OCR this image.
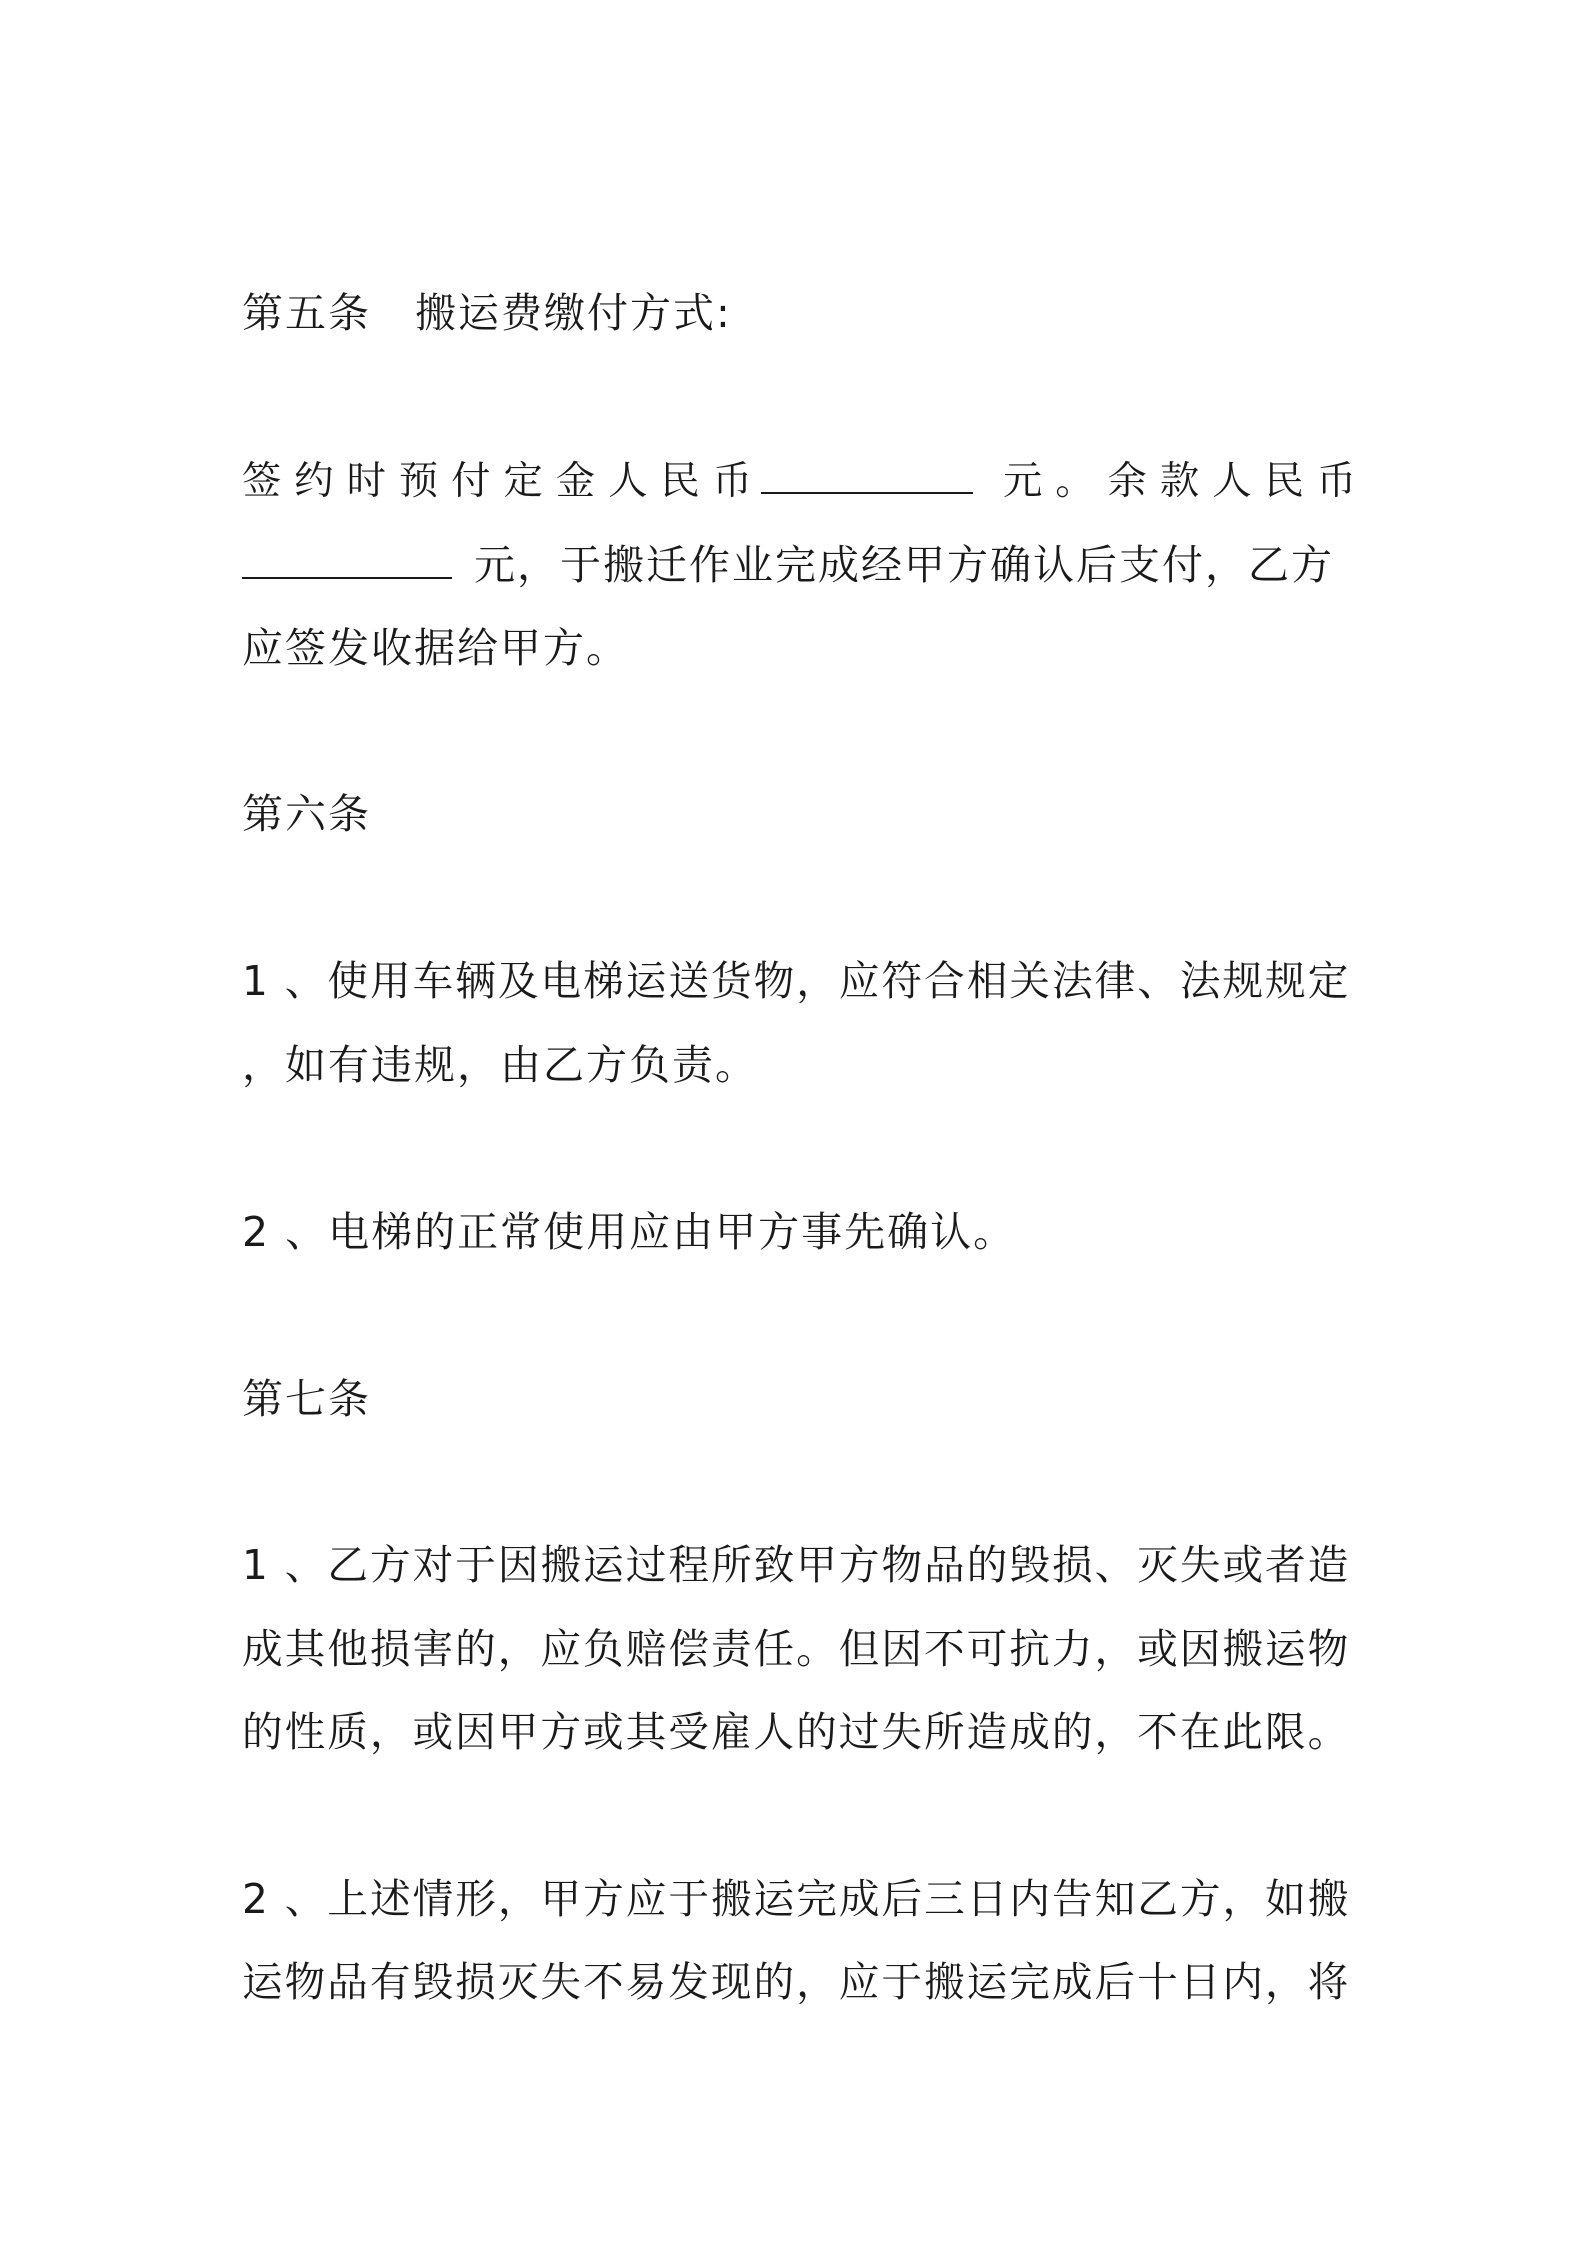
第五条 搬运费缴付方式:
签约时预付定金人民币	元。余款人民币
元，于搬迁作业完成经甲方确认后支付，乙方
应签发收据给甲方。
第六条
1 、使用车辆及电梯运送货物，应符合相关法律、法规规定
，如有违规，由乙方负责。
2 、电梯的正常使用应由甲方事先确认。
第七条
1 、乙方对于因搬运过程所致甲方物品的毁损、灭失或者造
成其他损害的，应负赔偿责任。但因不可抗力，或因搬运物
的性质，或因甲方或其受雇人的过失所造成的，不在此限。
2 、上述情形，甲方应于搬运完成后三日内告知乙方，如搬
运物品有毁损灭失不易发现的，应于搬运完成后十日内，将
